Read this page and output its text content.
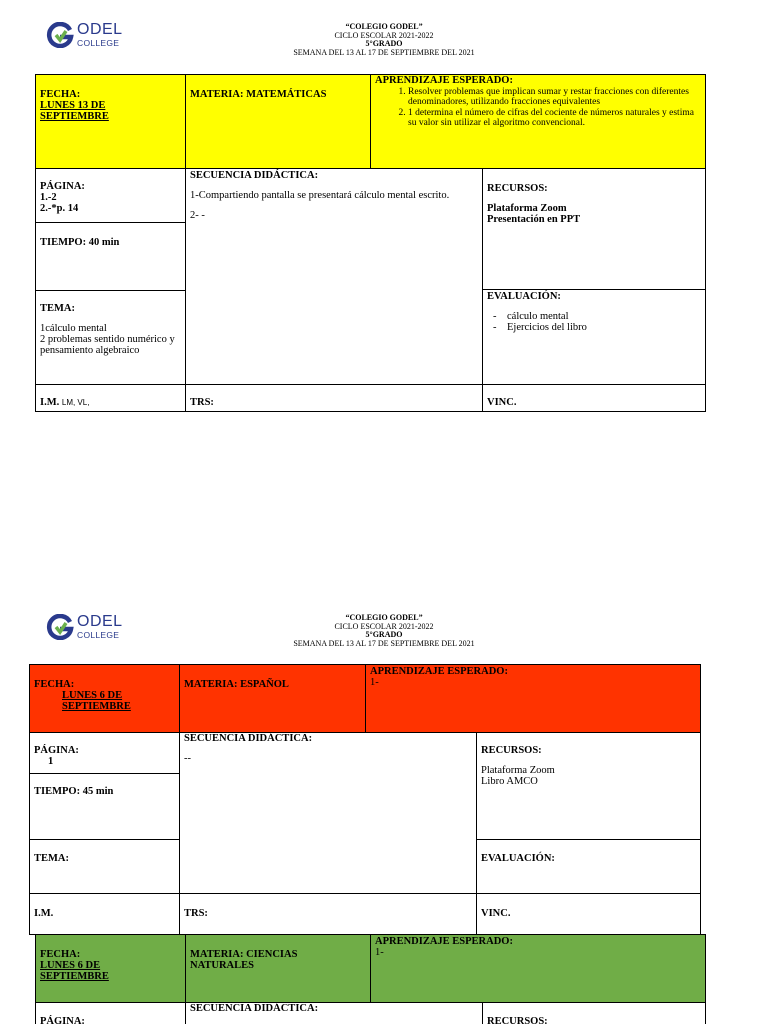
ODEL
COLLEGE
“COLEGIO GODEL”
CICLO ESCOLAR 2021-2022
5°GRADO
SEMANA DEL 13 AL 17 DE SEPTIEMBRE DEL 2021
FECHA:
LUNES 13 DE
SEPTIEMBRE
MATERIA: MATEMÁTICAS
APRENDIZAJE ESPERADO:
1. Resolver problemas que implican sumar y restar fracciones con diferentes denominadores, utilizando fracciones equivalentes
2. 1 determina el número de cifras del cociente de números naturales y estima su valor sin utilizar el algoritmo convencional.
PÁGINA:
1.-2
2.-*p. 14
TIEMPO: 40 min
TEMA:
1cálculo mental
2 problemas sentido numérico y pensamiento algebraico
SECUENCIA DIDÁCTICA:
1-Compartiendo pantalla se presentará cálculo mental escrito.
2- -
RECURSOS:
Plataforma Zoom
Presentación en PPT
EVALUACIÓN:
- cálculo mental
- Ejercicios del libro
I.M. LM, VL,	TRS:	VINC.
ODEL
COLLEGE
“COLEGIO GODEL”
CICLO ESCOLAR 2021-2022
5°GRADO
SEMANA DEL 13 AL 17 DE SEPTIEMBRE DEL 2021
FECHA:
LUNES 6 DE
SEPTIEMBRE
MATERIA: ESPAÑOL
APRENDIZAJE ESPERADO:
1-
PÁGINA:
1
TIEMPO: 45 min
TEMA:
SECUENCIA DIDÁCTICA:
--
RECURSOS:
Plataforma Zoom
Libro AMCO
EVALUACIÓN:
I.M.	TRS:	VINC.
FECHA:
LUNES 6 DE
SEPTIEMBRE
MATERIA: CIENCIAS
NATURALES
APRENDIZAJE ESPERADO:
1-
PÁGINA:
SECUENCIA DIDÁCTICA:
RECURSOS:
